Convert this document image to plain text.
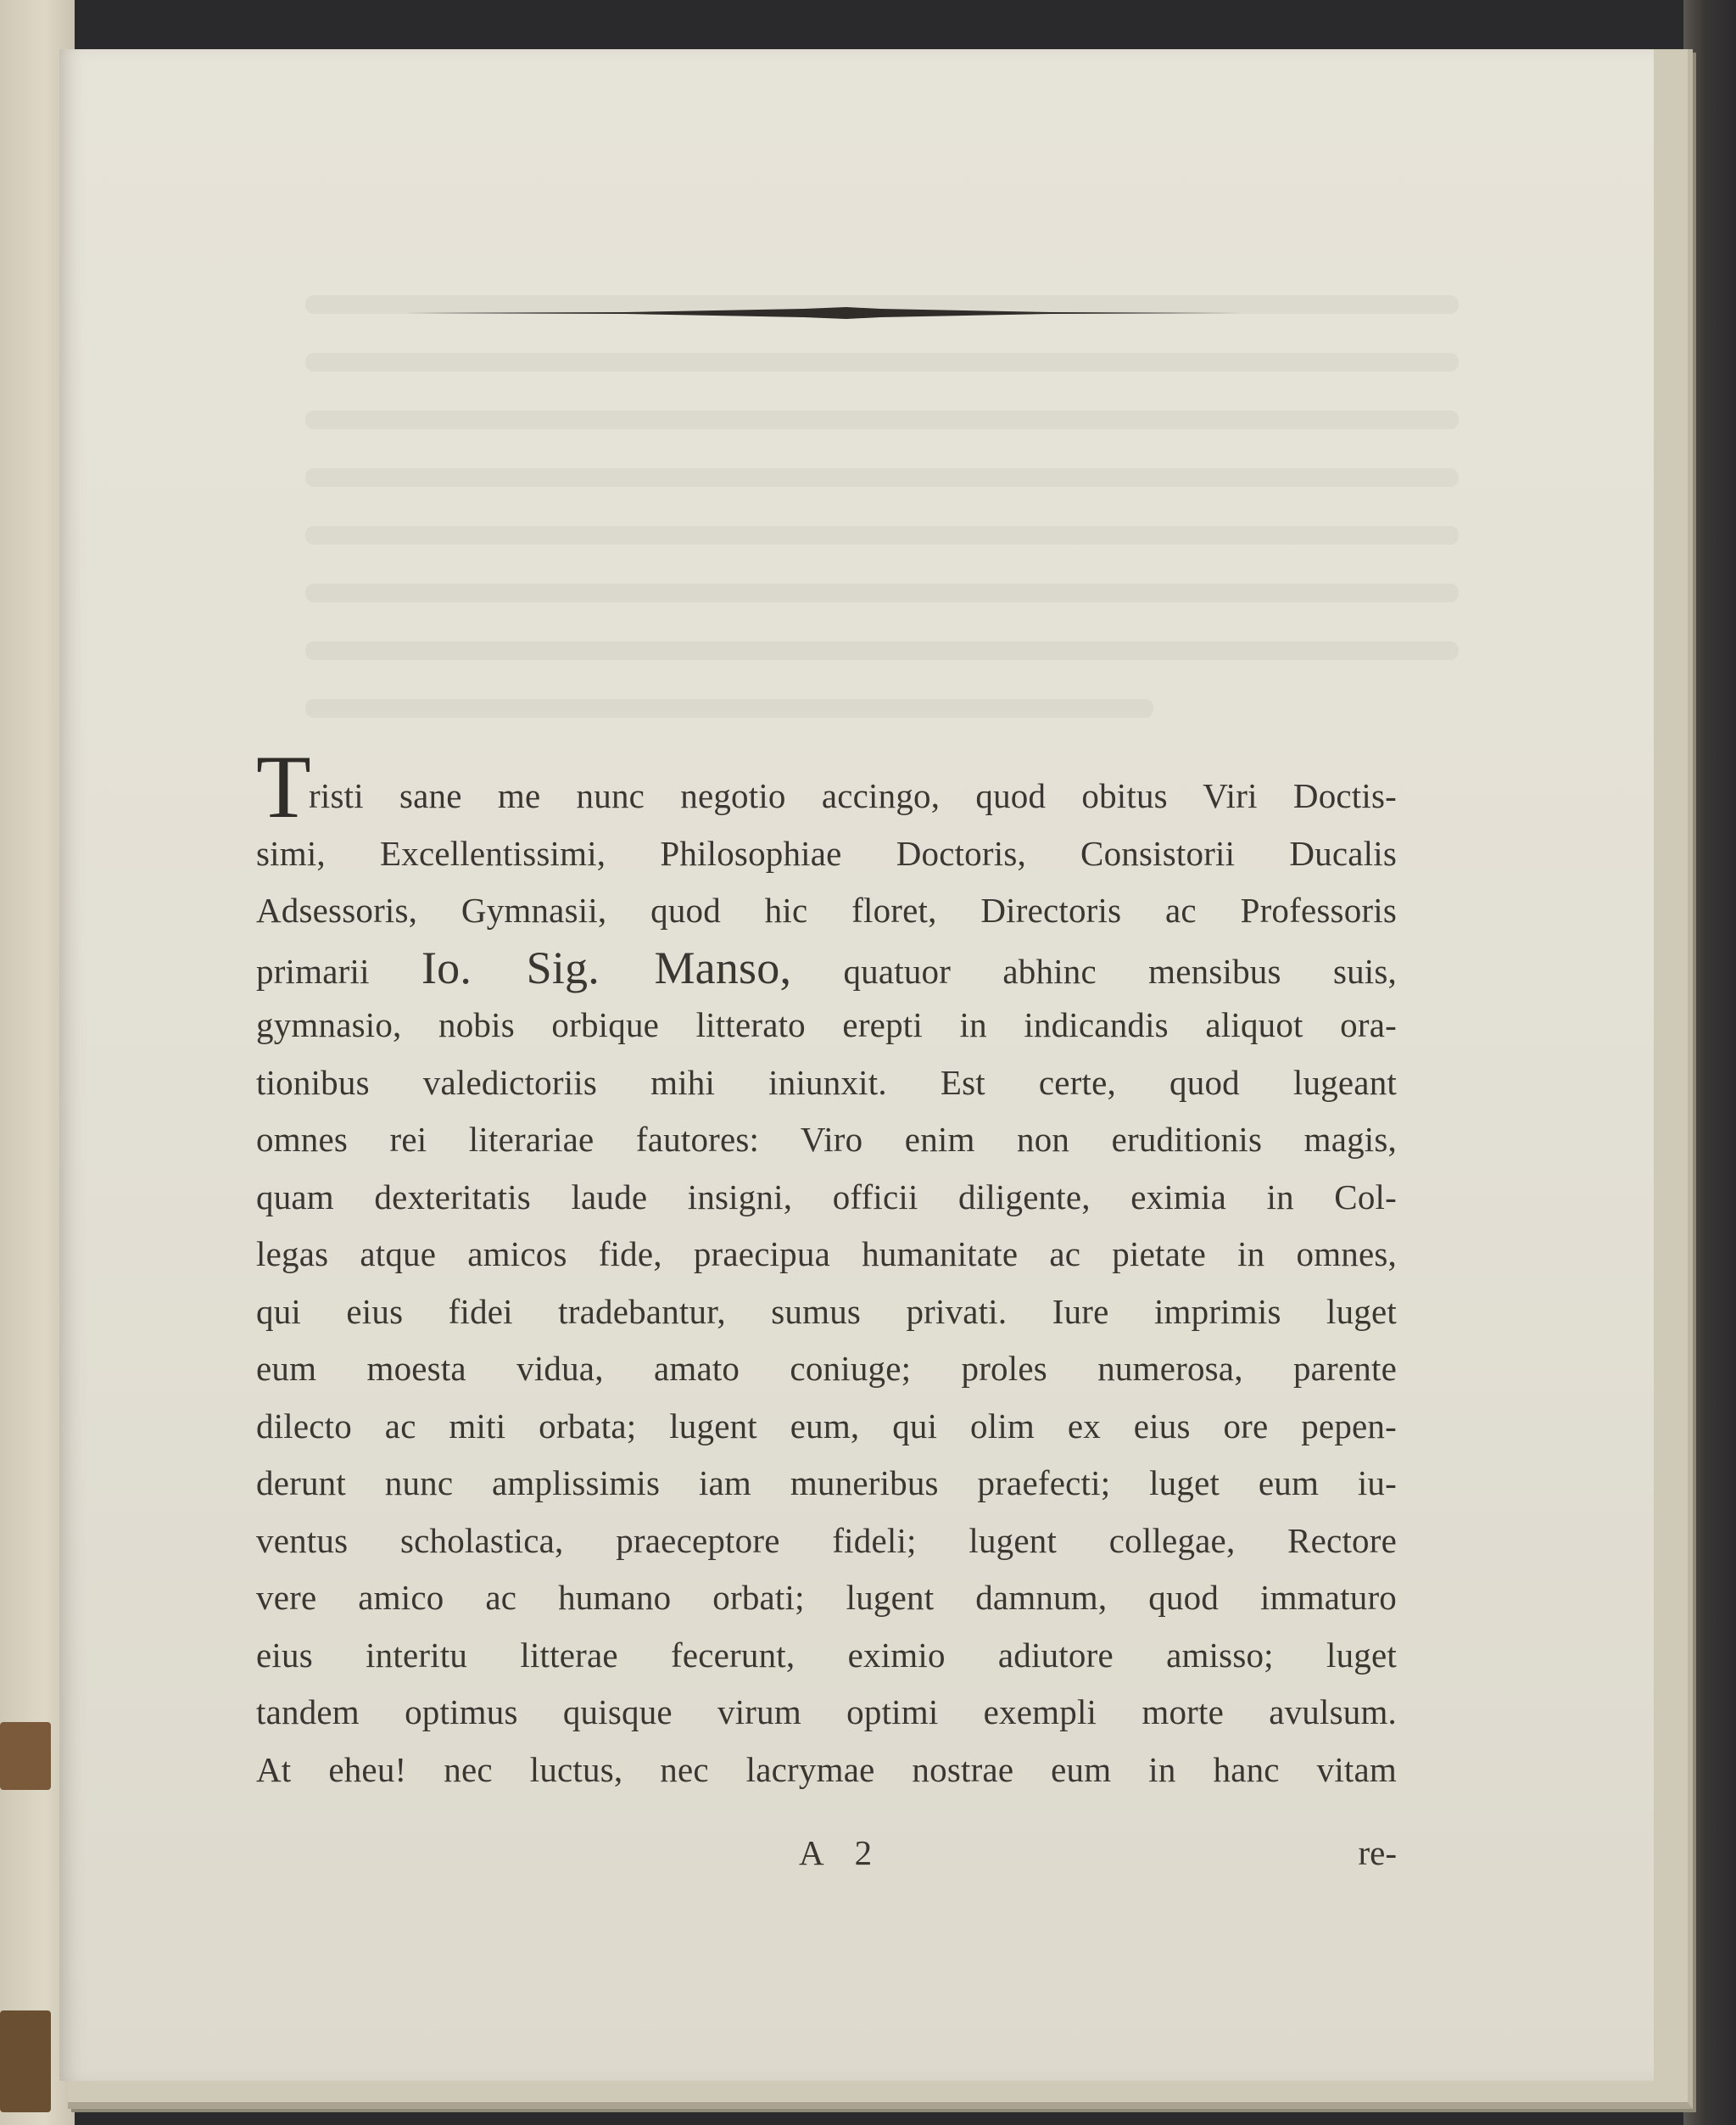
T
risti sane me nunc negotio accingo, quod obitus Viri Doctis-
simi, Excellentissimi, Philosophiae Doctoris, Consistorii Ducalis
Adsessoris, Gymnasii, quod hic floret, Directoris ac Professoris
primarii Io. Sig. Manso, quatuor abhinc mensibus suis,
gymnasio, nobis orbique litterato erepti in indicandis aliquot ora-
tionibus valedictoriis mihi iniunxit. Est certe, quod lugeant
omnes rei literariae fautores: Viro enim non eruditionis magis,
quam dexteritatis laude insigni, officii diligente, eximia in Col-
legas atque amicos fide, praecipua humanitate ac pietate in omnes,
qui eius fidei tradebantur, sumus privati. Iure imprimis luget
eum moesta vidua, amato coniuge; proles numerosa, parente
dilecto ac miti orbata; lugent eum, qui olim ex eius ore pepen-
derunt nunc amplissimis iam muneribus praefecti; luget eum iu-
ventus scholastica, praeceptore fideli; lugent collegae, Rectore
vere amico ac humano orbati; lugent damnum, quod immaturo
eius interitu litterae fecerunt, eximio adiutore amisso; luget
tandem optimus quisque virum optimi exempli morte avulsum.
At eheu! nec luctus, nec lacrymae nostrae eum in hanc vitam
A 2	re-
